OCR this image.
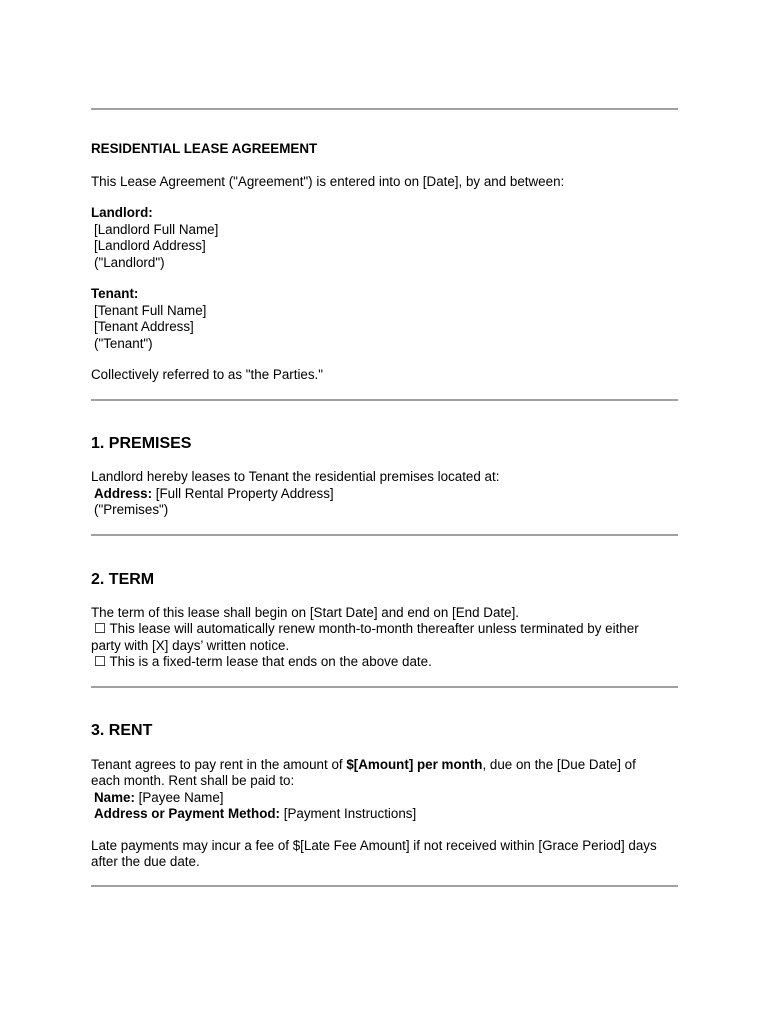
RESIDENTIAL LEASE AGREEMENT
This Lease Agreement ("Agreement") is entered into on [Date], by and between:
Landlord:
[Landlord Full Name]
[Landlord Address]
("Landlord")
Tenant:
[Tenant Full Name]
[Tenant Address]
("Tenant")
Collectively referred to as "the Parties."
1. PREMISES
Landlord hereby leases to Tenant the residential premises located at:
Address: [Full Rental Property Address]
("Premises")
2. TERM
The term of this lease shall begin on [Start Date] and end on [End Date].
☐ This lease will automatically renew month-to-month thereafter unless terminated by either
party with [X] days’ written notice.
☐ This is a fixed-term lease that ends on the above date.
3. RENT
Tenant agrees to pay rent in the amount of $[Amount] per month, due on the [Due Date] of
each month. Rent shall be paid to:
Name: [Payee Name]
Address or Payment Method: [Payment Instructions]
Late payments may incur a fee of $[Late Fee Amount] if not received within [Grace Period] days
after the due date.
